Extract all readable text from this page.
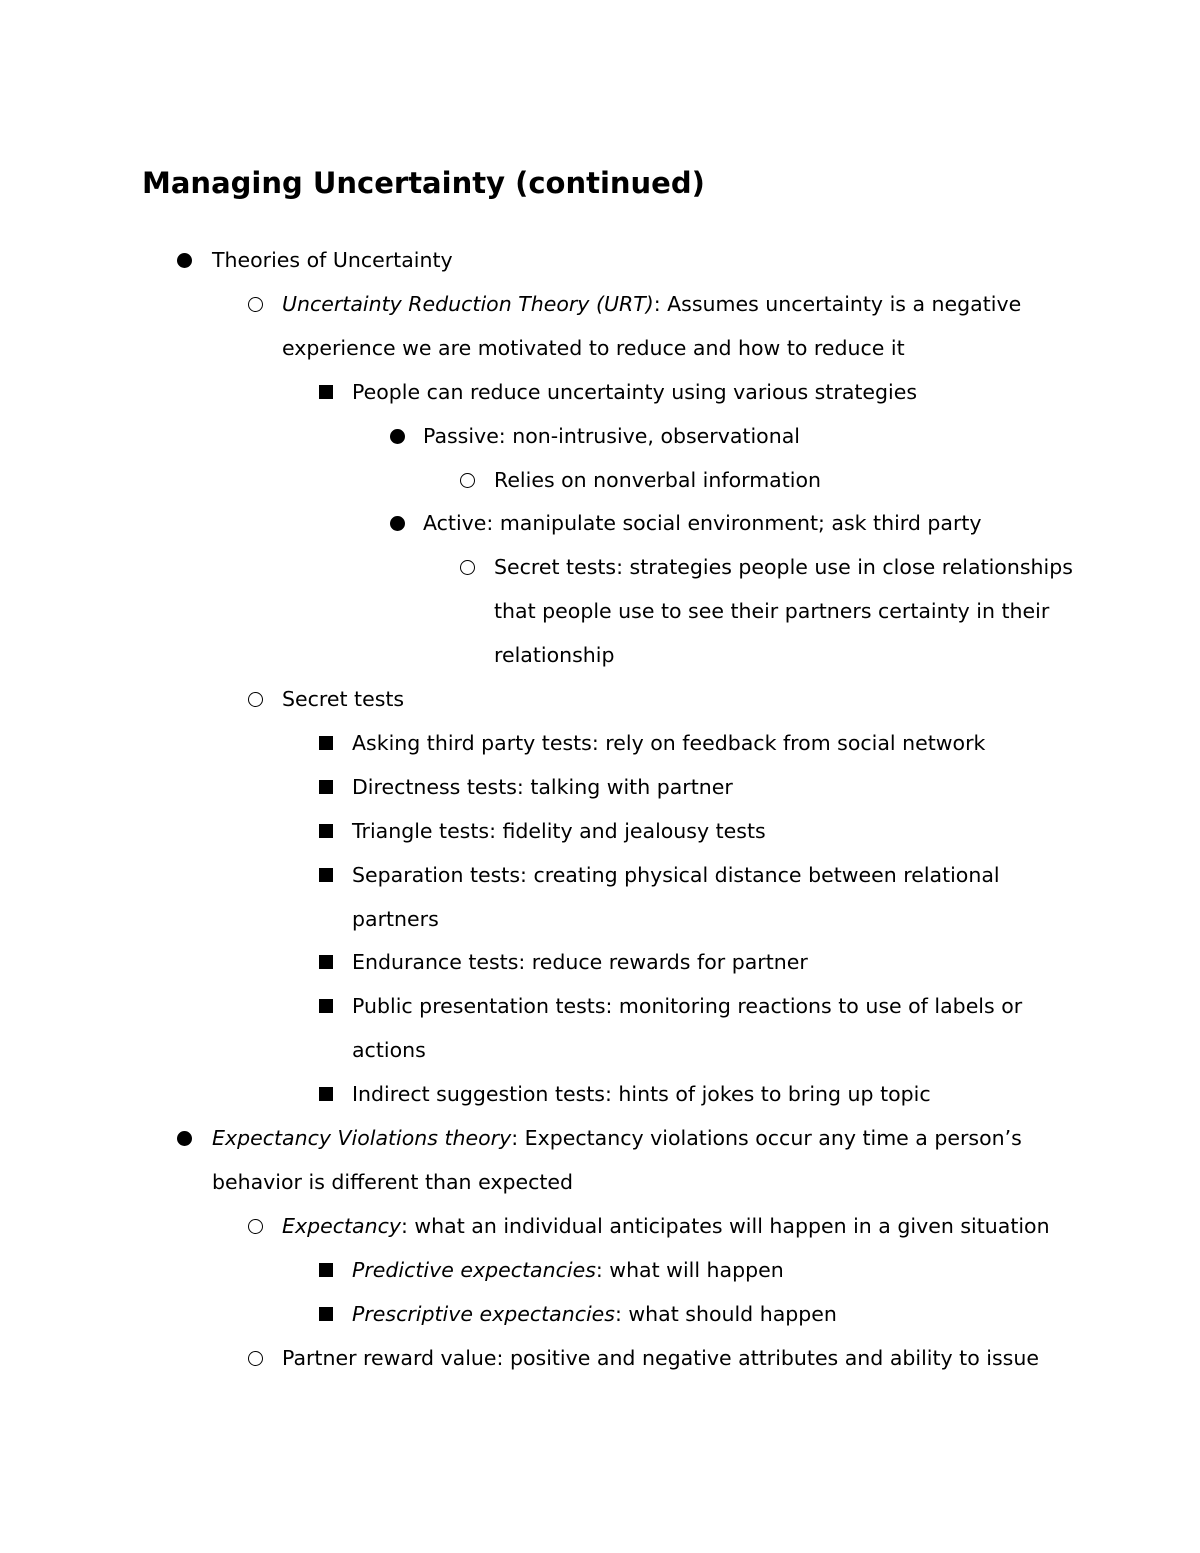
Managing Uncertainty (continued)
Theories of Uncertainty
Uncertainty Reduction Theory (URT): Assumes uncertainty is a negative
experience we are motivated to reduce and how to reduce it
People can reduce uncertainty using various strategies
Passive: non-intrusive, observational
Relies on nonverbal information
Active: manipulate social environment; ask third party
Secret tests: strategies people use in close relationships
that people use to see their partners certainty in their
relationship
Secret tests
Asking third party tests: rely on feedback from social network
Directness tests: talking with partner
Triangle tests: fidelity and jealousy tests
Separation tests: creating physical distance between relational
partners
Endurance tests: reduce rewards for partner
Public presentation tests: monitoring reactions to use of labels or
actions
Indirect suggestion tests: hints of jokes to bring up topic
Expectancy Violations theory: Expectancy violations occur any time a person’s
behavior is different than expected
Expectancy: what an individual anticipates will happen in a given situation
Predictive expectancies: what will happen
Prescriptive expectancies: what should happen
Partner reward value: positive and negative attributes and ability to issue
